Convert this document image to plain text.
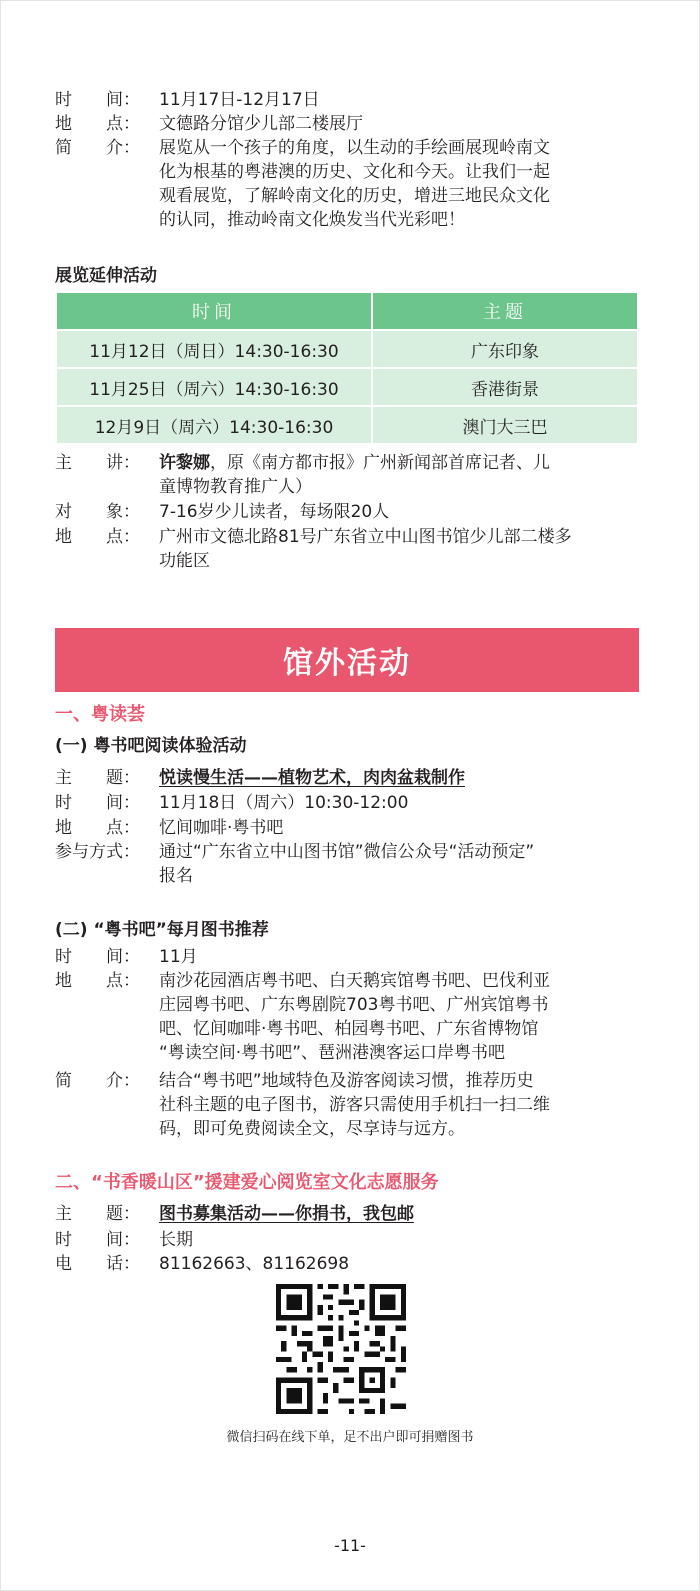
时　　间：	11月17日-12月17日
地　　点：	文德路分馆少儿部二楼展厅
简　　介：	展览从一个孩子的角度，以生动的手绘画展现岭南文
化为根基的粤港澳的历史、文化和今天。让我们一起
观看展览，了解岭南文化的历史，增进三地民众文化
的认同，推动岭南文化焕发当代光彩吧！
展览延伸活动
时间	主题
11月12日（周日）14:30-16:30	广东印象
11月25日（周六）14:30-16:30	香港街景
12月9日（周六）14:30-16:30	澳门大三巴
主　　讲：	许黎娜，原《南方都市报》广州新闻部首席记者、儿
童博物教育推广人）
对　　象：	7-16岁少儿读者，每场限20人
地　　点：	广州市文德北路81号广东省立中山图书馆少儿部二楼多
功能区
馆外活动
一、粤读荟
(一) 粤书吧阅读体验活动
主　　题：	悦读慢生活——植物艺术，肉肉盆栽制作
时　　间：	11月18日（周六）10:30-12:00
地　　点：	忆间咖啡·粤书吧
参与方式：	通过“广东省立中山图书馆”微信公众号“活动预定”
报名
(二) “粤书吧”每月图书推荐
时　　间：	11月
地　　点：	南沙花园酒店粤书吧、白天鹅宾馆粤书吧、巴伐利亚
庄园粤书吧、广东粤剧院703粤书吧、广州宾馆粤书
吧、忆间咖啡·粤书吧、柏园粤书吧、广东省博物馆
“粤读空间·粤书吧”、琶洲港澳客运口岸粤书吧
简　　介：	结合“粤书吧”地域特色及游客阅读习惯，推荐历史
社科主题的电子图书，游客只需使用手机扫一扫二维
码，即可免费阅读全文，尽享诗与远方。
二、“书香暖山区”援建爱心阅览室文化志愿服务
主　　题：	图书募集活动——你捐书，我包邮
时　　间：	长期
电　　话：	81162663、81162698
微信扫码在线下单，足不出户即可捐赠图书
-11-
